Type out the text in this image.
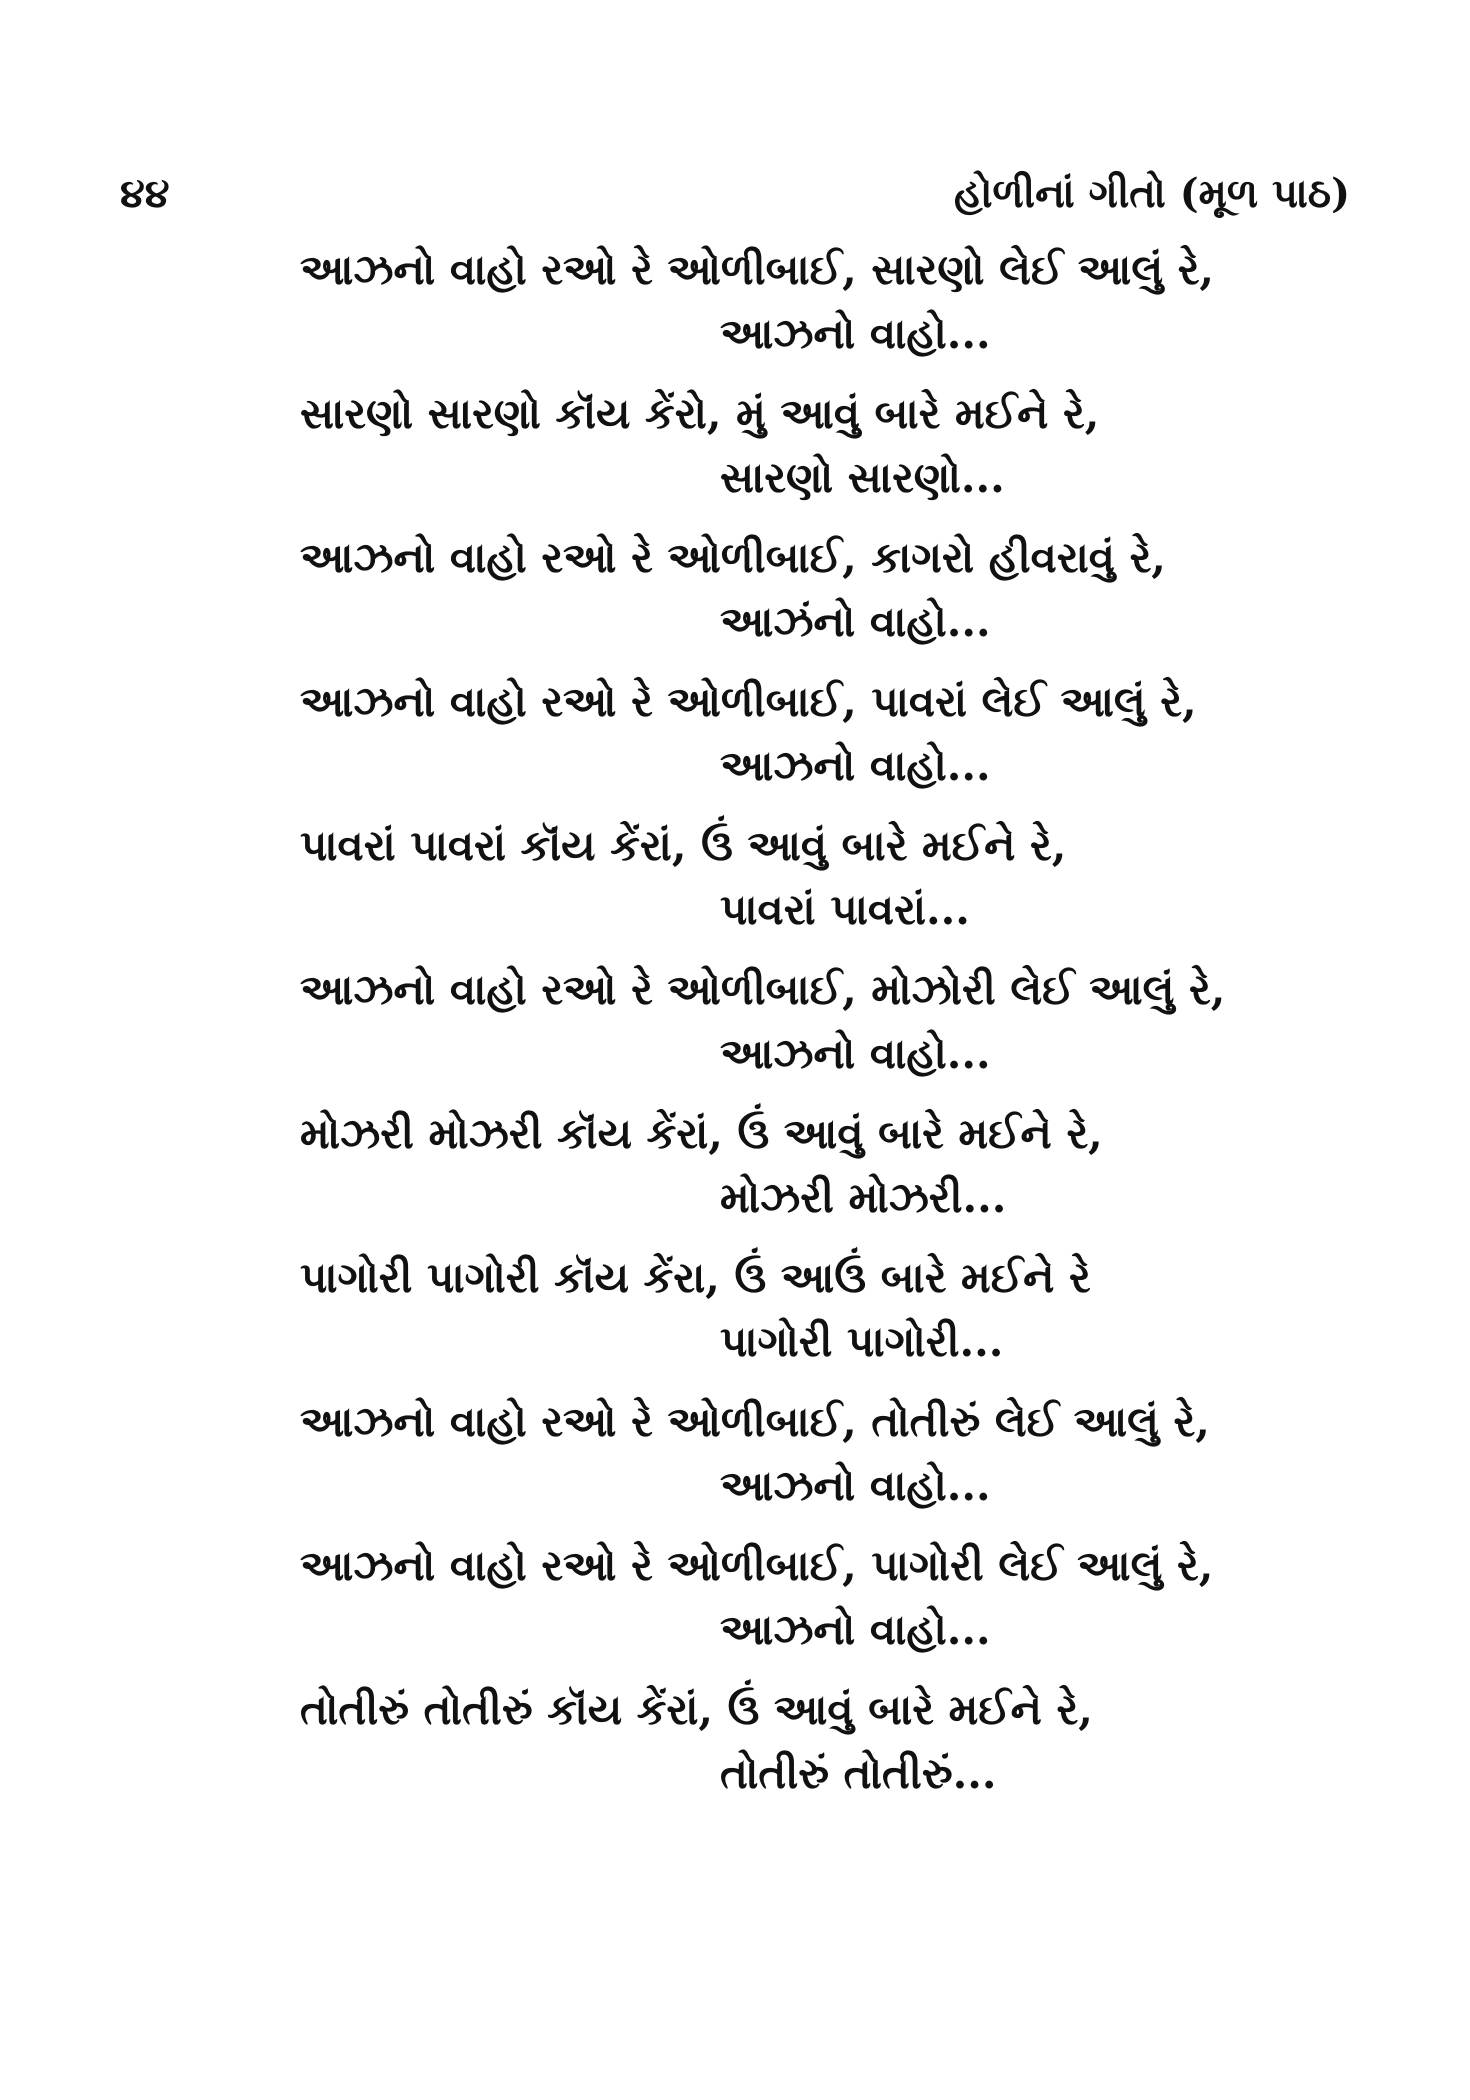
૪૪	હોળીનાં ગીતો (મૂળ પાઠ)
આઝનો વાહો રઓ રે ઓળીબાઈ, સારણો લેઈ આલું રે,
આઝનો વાહો...
સારણો સારણો કૉંય કેંરો, મું આવું બારે મઈને રે,
સારણો સારણો...
આઝનો વાહો રઓ રે ઓળીબાઈ, કાગરો હીવરાવું રે,
આઝંનો વાહો...
આઝનો વાહો રઓ રે ઓળીબાઈ, પાવરાં લેઈ આલું રે,
આઝનો વાહો...
પાવરાં પાવરાં કૉંય કેંરાં, ઉં આવું બારે મઈને રે,
પાવરાં પાવરાં...
આઝનો વાહો રઓ રે ઓળીબાઈ, મોઝોરી લેઈ આલું રે,
આઝનો વાહો...
મોઝરી મોઝરી કૉંય કેંરાં, ઉં આવું બારે મઈને રે,
મોઝરી મોઝરી...
પાગોરી પાગોરી કૉંય કેંરા, ઉં આઉં બારે મઈને રે
પાગોરી પાગોરી...
આઝનો વાહો રઓ રે ઓળીબાઈ, તોતીરું લેઈ આલું રે,
આઝનો વાહો...
આઝનો વાહો રઓ રે ઓળીબાઈ, પાગોરી લેઈ આલું રે,
આઝનો વાહો...
તોતીરું તોતીરું કૉંય કેંરાં, ઉં આવું બારે મઈને રે,
તોતીરું તોતીરું...
